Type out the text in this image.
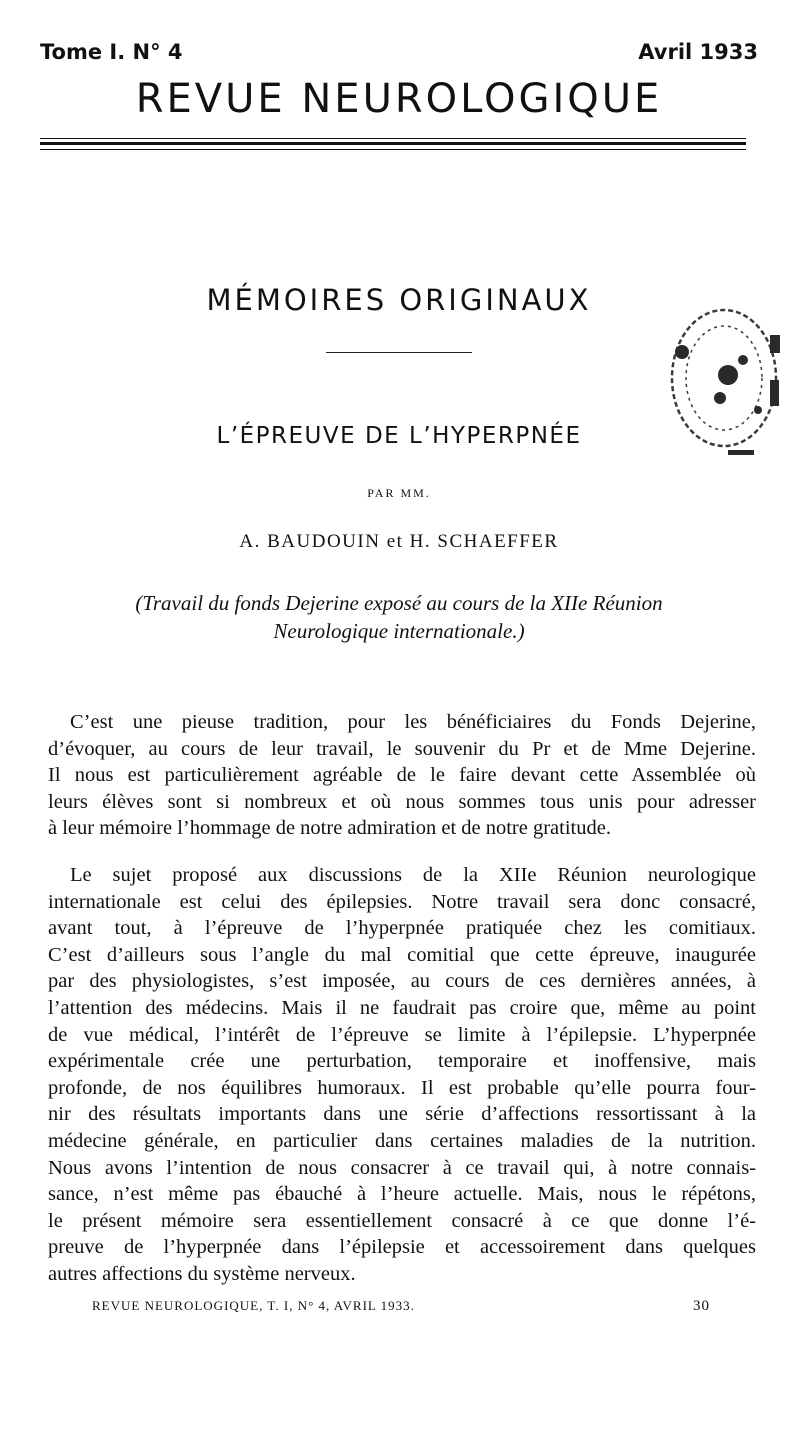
Tome I. N° 4	Avril 1933
REVUE NEUROLOGIQUE
MÉMOIRES ORIGINAUX
L’ÉPREUVE DE L’HYPERPNÉE
PAR MM.
A. BAUDOUIN et H. SCHAEFFER
(Travail du fonds Dejerine exposé au cours de la XIIe Réunion
Neurologique internationale.)
C’est une pieuse tradition, pour les bénéficiaires du Fonds Dejerine,
d’évoquer, au cours de leur travail, le souvenir du Pr et de Mme Dejerine.
Il nous est particulièrement agréable de le faire devant cette Assemblée où
leurs élèves sont si nombreux et où nous sommes tous unis pour adresser
à leur mémoire l’hommage de notre admiration et de notre gratitude.
Le sujet proposé aux discussions de la XIIe Réunion neurologique
internationale est celui des épilepsies. Notre travail sera donc consacré,
avant tout, à l’épreuve de l’hyperpnée pratiquée chez les comitiaux.
C’est d’ailleurs sous l’angle du mal comitial que cette épreuve, inaugurée
par des physiologistes, s’est imposée, au cours de ces dernières années, à
l’attention des médecins. Mais il ne faudrait pas croire que, même au point
de vue médical, l’intérêt de l’épreuve se limite à l’épilepsie. L’hyperpnée
expérimentale crée une perturbation, temporaire et inoffensive, mais
profonde, de nos équilibres humoraux. Il est probable qu’elle pourra four-
nir des résultats importants dans une série d’affections ressortissant à la
médecine générale, en particulier dans certaines maladies de la nutrition.
Nous avons l’intention de nous consacrer à ce travail qui, à notre connais-
sance, n’est même pas ébauché à l’heure actuelle. Mais, nous le répétons,
le présent mémoire sera essentiellement consacré à ce que donne l’é-
preuve de l’hyperpnée dans l’épilepsie et accessoirement dans quelques
autres affections du système nerveux.
REVUE NEUROLOGIQUE, T. I, N° 4, AVRIL 1933.	30
